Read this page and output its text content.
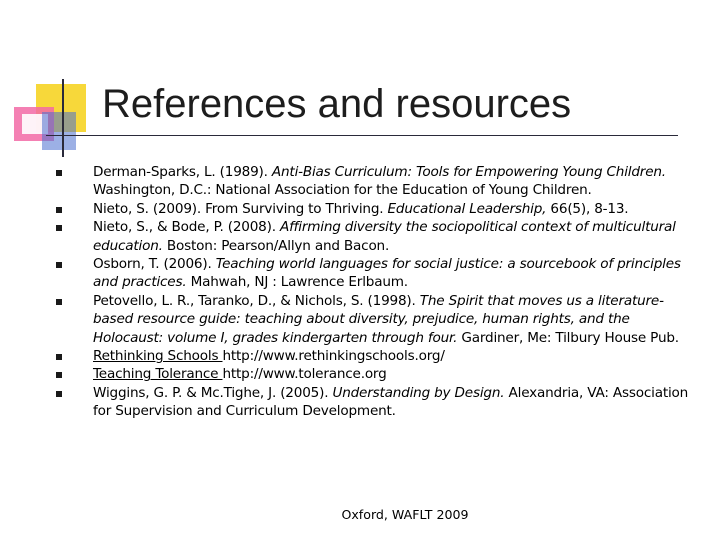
References and resources
Derman-Sparks, L. (1989). Anti-Bias Curriculum: Tools for Empowering Young Children. Washington, D.C.: National Association for the Education of Young Children.
Nieto, S. (2009). From Surviving to Thriving. Educational Leadership, 66(5), 8-13.
Nieto, S., & Bode, P. (2008). Affirming diversity the sociopolitical context of multicultural education. Boston: Pearson/Allyn and Bacon.
Osborn, T. (2006). Teaching world languages for social justice: a sourcebook of principles and practices. Mahwah, NJ : Lawrence Erlbaum.
Petovello, L. R., Taranko, D., & Nichols, S. (1998). The Spirit that moves us a literature-based resource guide: teaching about diversity, prejudice, human rights, and the Holocaust: volume I, grades kindergarten through four. Gardiner, Me: Tilbury House Pub.
Rethinking Schools http://www.rethinkingschools.org/
Teaching Tolerance http://www.tolerance.org
Wiggins, G. P. & Mc.Tighe, J. (2005). Understanding by Design. Alexandria, VA: Association for Supervision and Curriculum Development.
Oxford, WAFLT 2009
